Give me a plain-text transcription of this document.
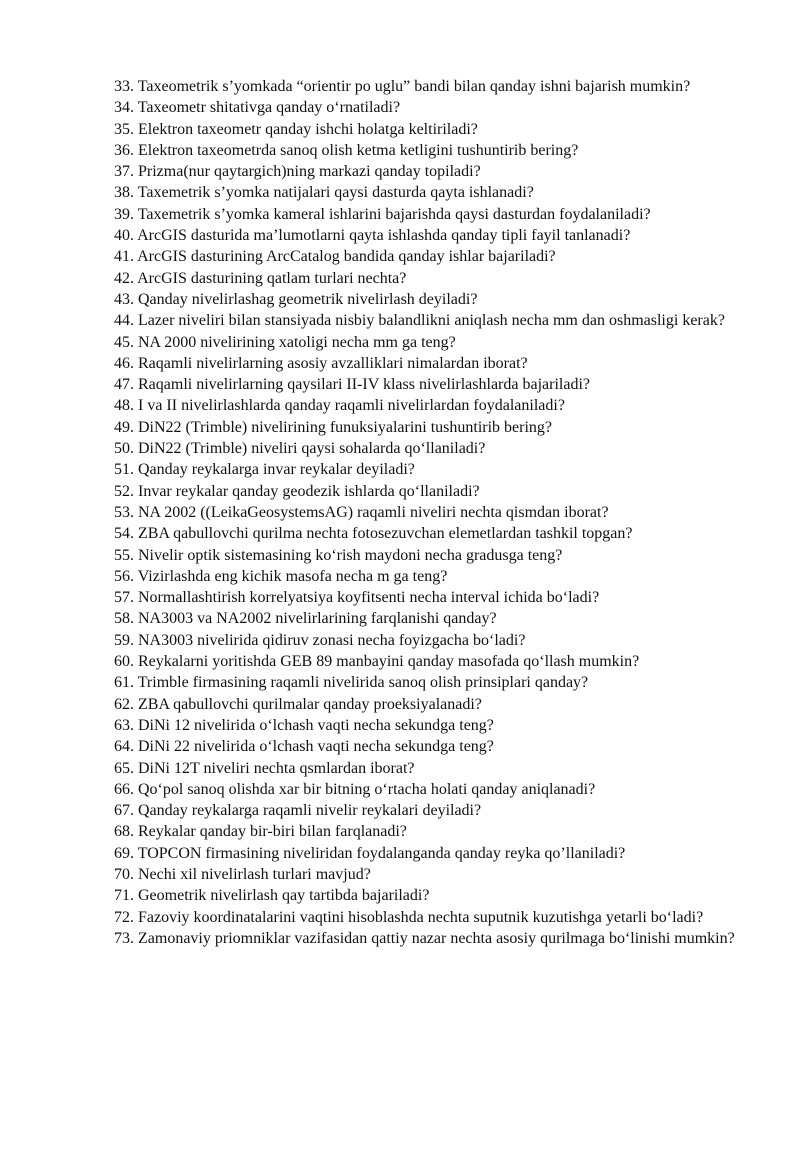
33. Taxeometrik s’yomkada “orientir po uglu” bandi bilan qanday ishni bajarish mumkin?

34. Taxeometr shitativga qanday o‘rnatiladi?

35. Elektron taxeometr qanday ishchi holatga keltiriladi?

36. Elektron taxeometrda sanoq olish ketma ketligini tushuntirib bering?

37. Prizma(nur qaytargich)ning markazi qanday topiladi?

38. Taxemetrik s’yomka natijalari qaysi dasturda qayta ishlanadi?

39. Taxemetrik s’yomka kameral ishlarini bajarishda qaysi dasturdan foydalaniladi?

40. ArcGIS dasturida ma’lumotlarni qayta ishlashda qanday tipli fayil tanlanadi?

41. ArcGIS dasturining ArcCatalog bandida qanday ishlar bajariladi?

42. ArcGIS dasturining qatlam turlari nechta?

43. Qanday nivelirlashag geometrik nivelirlash deyiladi?

44. Lazer niveliri bilan stansiyada nisbiy balandlikni aniqlash necha mm dan oshmasligi kerak?

45. NA 2000 nivelirining xatoligi necha mm ga teng?

46. Raqamli nivelirlarning asosiy avzalliklari nimalardan iborat?

47. Raqamli nivelirlarning qaysilari II-IV klass nivelirlashlarda bajariladi?

48. I va II nivelirlashlarda qanday raqamli nivelirlardan foydalaniladi?

49. DiN22 (Trimble) nivelirining funuksiyalarini tushuntirib bering?

50. DiN22 (Trimble) niveliri qaysi sohalarda qo‘llaniladi?

51. Qanday reykalarga invar reykalar deyiladi?

52. Invar reykalar qanday geodezik ishlarda qo‘llaniladi?

53. NA 2002 ((LeikaGeosystemsAG) raqamli niveliri nechta qismdan iborat?

54. ZBA qabullovchi qurilma nechta fotosezuvchan elemetlardan tashkil topgan?

55. Nivelir optik sistemasining ko‘rish maydoni necha gradusga teng?

56. Vizirlashda eng kichik masofa necha m ga teng?

57. Normallashtirish korrelyatsiya koyfitsenti necha interval ichida bo‘ladi?

58. NA3003 va NA2002 nivelirlarining farqlanishi qanday?

59. NA3003 nivelirida qidiruv zonasi necha foyizgacha bo‘ladi?

60. Reykalarni yoritishda GEB 89 manbayini qanday masofada qo‘llash mumkin?

61. Trimble firmasining raqamli nivelirida sanoq olish prinsiplari qanday?

62. ZBA qabullovchi qurilmalar qanday proeksiyalanadi?

63. DiNi 12 nivelirida o‘lchash vaqti necha sekundga teng?

64. DiNi 22 nivelirida o‘lchash vaqti necha sekundga teng?

65. DiNi 12T niveliri nechta qsmlardan iborat?

66. Qo‘pol sanoq olishda xar bir bitning o‘rtacha holati qanday aniqlanadi?

67. Qanday reykalarga raqamli nivelir reykalari deyiladi?

68. Reykalar qanday bir-biri bilan farqlanadi?

69. TOPCON firmasining niveliridan foydalanganda qanday reyka qo’llaniladi?

70. Nechi xil nivelirlash turlari mavjud?

71. Geometrik nivelirlash qay tartibda bajariladi?

72. Fazoviy koordinatalarini vaqtini hisoblashda nechta suputnik kuzutishga yetarli bo‘ladi?

73. Zamonaviy priomniklar vazifasidan qattiy nazar nechta asosiy qurilmaga bo‘linishi mumkin?
